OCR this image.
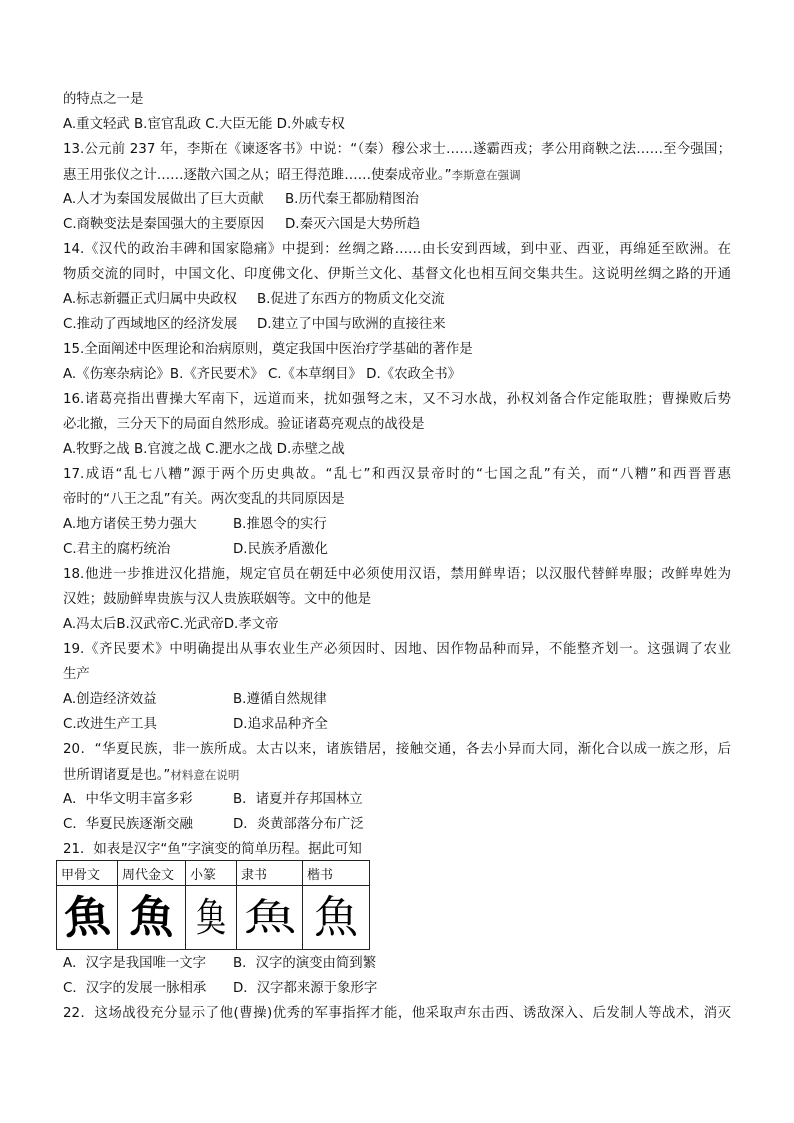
的特点之一是

A.重文轻武 B.宦官乱政 C.大臣无能 D.外戚专权

13.公元前 237 年，李斯在《谏逐客书》中说：“（秦）穆公求士……遂霸西戎；孝公用商鞅之法……至今强国；

惠王用张仪之计……逐散六国之从；昭王得范雎……使秦成帝业。”李斯意在强调

A.人才为秦国发展做出了巨大贡献 B.历代秦王都励精图治

C.商鞅变法是秦国强大的主要原因 D.秦灭六国是大势所趋

14.《汉代的政治丰碑和国家隐痛》中提到：丝绸之路……由长安到西域，到中亚、西亚，再绵延至欧洲。在

物质交流的同时，中国文化、印度佛文化、伊斯兰文化、基督文化也相互间交集共生。这说明丝绸之路的开通

A.标志新疆正式归属中央政权 B.促进了东西方的物质文化交流

C.推动了西域地区的经济发展 D.建立了中国与欧洲的直接往来

15.全面阐述中医理论和治病原则，奠定我国中医治疗学基础的著作是

A.《伤寒杂病论》B.《齐民要术》 C.《本草纲目》 D.《农政全书》

16.诸葛亮指出曹操大军南下，远道而来，扰如强弩之末，又不习水战，孙权刘备合作定能取胜；曹操败后势

必北撤，三分天下的局面自然形成。验证诸葛亮观点的战役是

A.牧野之战 B.官渡之战 C.淝水之战 D.赤壁之战

17.成语“乱七八糟”源于两个历史典故。“乱七”和西汉景帝时的“七国之乱”有关，而“八糟”和西晋晋惠

帝时的“八王之乱”有关。两次变乱的共同原因是

A.地方诸侯王势力强大	B.推恩令的实行

C.君主的腐朽统治	D.民族矛盾激化

18.他进一步推进汉化措施，规定官员在朝廷中必须使用汉语，禁用鲜卑语；以汉服代替鲜卑服；改鲜卑姓为

汉姓；鼓励鲜卑贵族与汉人贵族联姻等。文中的他是

A.冯太后B.汉武帝C.光武帝D.孝文帝

19.《齐民要术》中明确提出从事农业生产必须因时、因地、因作物品种而异，不能整齐划一。这强调了农业

生产

A.创造经济效益	B.遵循自然规律

C.改进生产工具	D.追求品种齐全

20．“华夏民族，非一族所成。太古以来，诸族错居，接触交通，各去小异而大同，渐化合以成一族之形，后

世所谓诸夏是也。”材料意在说明

A．中华文明丰富多彩	B．诸夏并存邦国林立

C．华夏民族逐渐交融	D．炎黄部落分布广泛

21．如表是汉字“鱼”字演变的简单历程。据此可知

甲骨文	周代金文	小篆	隶书	楷书
魚	魚	𩵋	魚	魚

A．汉字是我国唯一文字 B．汉字的演变由简到繁

C．汉字的发展一脉相承 D．汉字都来源于象形字

22．这场战役充分显示了他(曹操)优秀的军事指挥才能，他采取声东击西、诱敌深入、后发制人等战术，消灭
